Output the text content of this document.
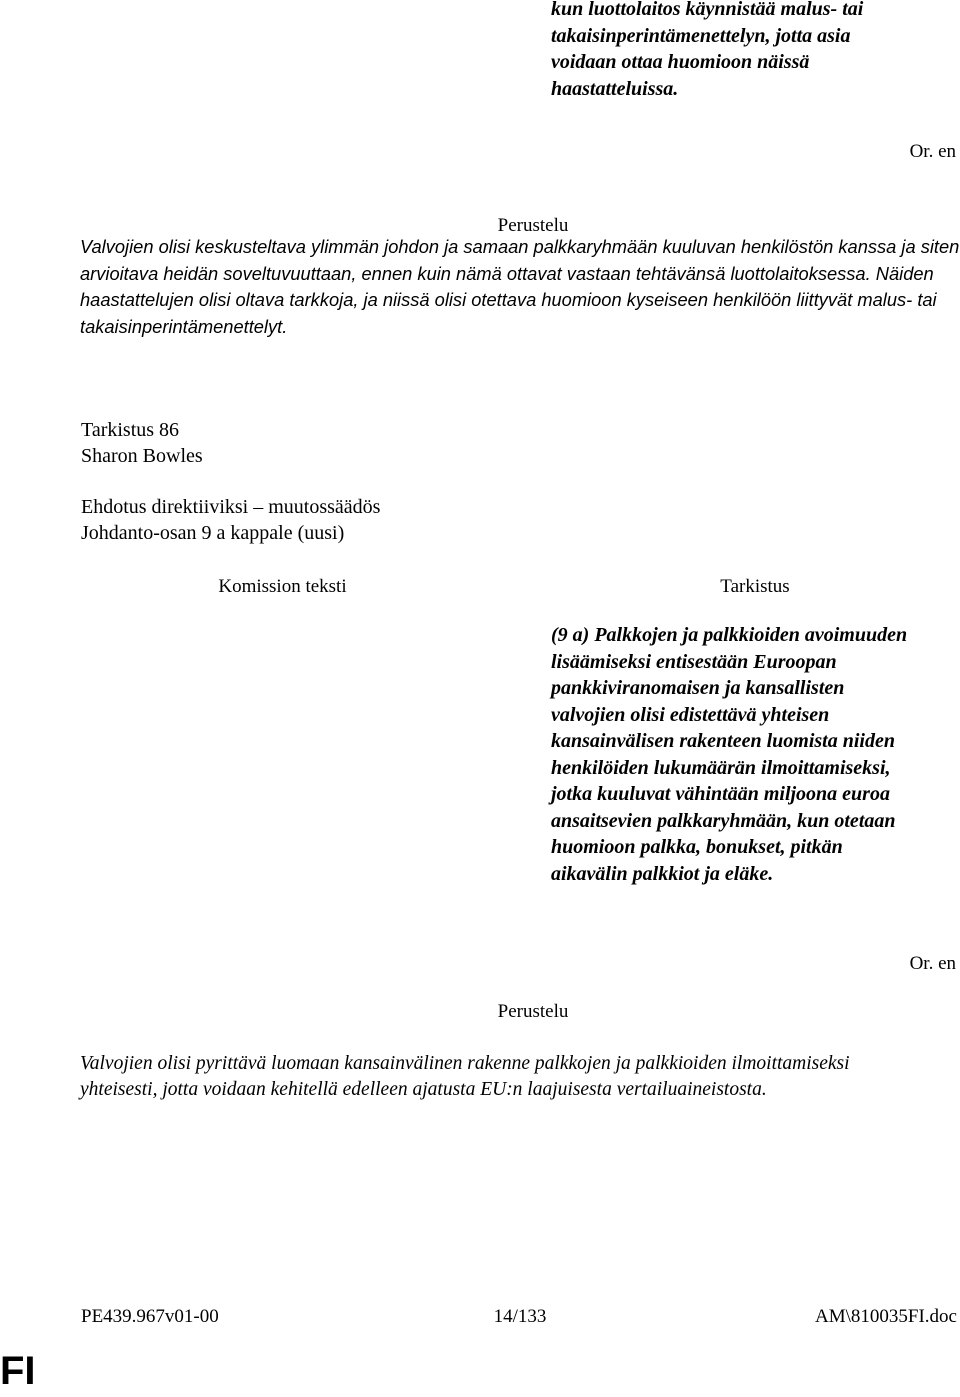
kun luottolaitos käynnistää malus- tai takaisinperintämenettelyn, jotta asia voidaan ottaa huomioon näissä haastatteluissa.

Or. en
Perustelu

Valvojien olisi keskusteltava ylimmän johdon ja samaan palkkaryhmään kuuluvan henkilöstön kanssa ja siten arvioitava heidän soveltuvuuttaan, ennen kuin nämä ottavat vastaan tehtävänsä luottolaitoksessa. Näiden haastattelujen olisi oltava tarkkoja, ja niissä olisi otettava huomioon kyseiseen henkilöön liittyvät malus- tai takaisinperintämenettelyt.

Tarkistus 86
Sharon Bowles
Ehdotus direktiiviksi – muutossäädös
Johdanto-osan 9 a kappale (uusi)
Komission teksti	Tarkistus

(9 a) Palkkojen ja palkkioiden avoimuuden lisäämiseksi entisestään Euroopan pankkiviranomaisen ja kansallisten valvojien olisi edistettävä yhteisen kansainvälisen rakenteen luomista niiden henkilöiden lukumäärän ilmoittamiseksi, jotka kuuluvat vähintään miljoona euroa ansaitsevien palkkaryhmään, kun otetaan huomioon palkka, bonukset, pitkän aikavälin palkkiot ja eläke.

Or. en
Perustelu

Valvojien olisi pyrittävä luomaan kansainvälinen rakenne palkkojen ja palkkioiden ilmoittamiseksi yhteisesti, jotta voidaan kehitellä edelleen ajatusta EU:n laajuisesta vertailuaineistosta.

PE439.967v01-00	14/133	AM\810035FI.doc
FI
